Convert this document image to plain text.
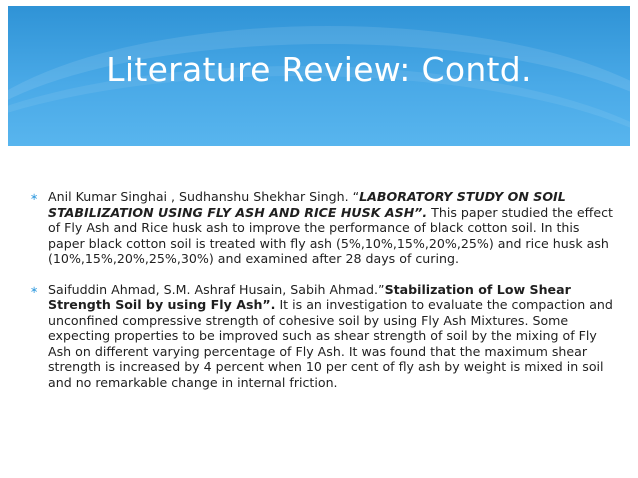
Literature Review: Contd.
∗ Anil Kumar Singhai , Sudhanshu Shekhar Singh. “LABORATORY STUDY ON SOIL STABILIZATION USING FLY ASH AND RICE HUSK ASH”. This paper studied the effect of Fly Ash and Rice husk ash to improve the performance of black cotton soil. In this paper black cotton soil is treated with fly ash (5%,10%,15%,20%,25%) and rice husk ash (10%,15%,20%,25%,30%) and examined after 28 days of curing.
∗ Saifuddin Ahmad, S.M. Ashraf Husain, Sabih Ahmad.”Stabilization of Low Shear Strength Soil by using Fly Ash”. It is an investigation to evaluate the compaction and unconfined compressive strength of cohesive soil by using Fly Ash Mixtures. Some expecting properties to be improved such as shear strength of soil by the mixing of Fly Ash on different varying percentage of Fly Ash. It was found that the maximum shear strength is increased by 4 percent when 10 per cent of fly ash by weight is mixed in soil and no remarkable change in internal friction.
